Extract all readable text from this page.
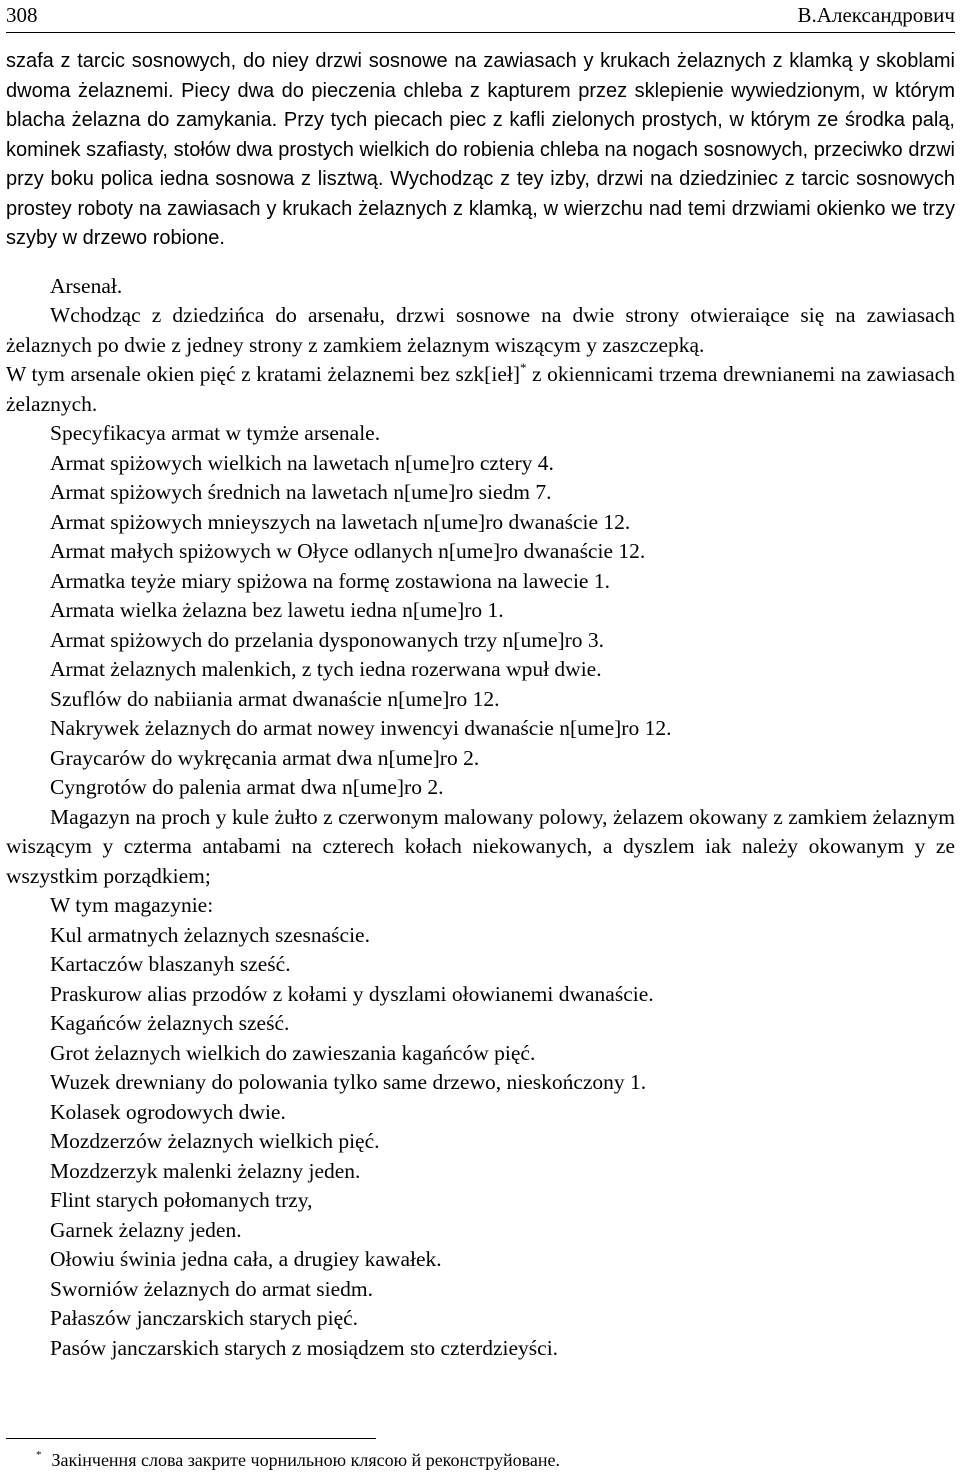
308	В.Александрович

szafa z tarcic sosnowych, do niey drzwi sosnowe na zawiasach y krukach żelaznych z klamką y skoblami dwoma żelaznemi. Piecy dwa do pieczenia chleba z kapturem przez sklepienie wywiedzionym, w którym blacha żelazna do zamykania. Przy tych piecach piec z kafli zielonych prostych, w którym ze środka palą, kominek szafiasty, stołów dwa prostych wielkich do robienia chleba na nogach sosnowych, przeciwko drzwi przy boku polica iedna sosnowa z lisztwą. Wychodząc z tey izby, drzwi na dziedziniec z tarcic sosnowych prostey roboty na zawiasach y krukach żelaznych z klamką, w wierzchu nad temi drzwiami okienko we trzy szyby w drzewo robione.

Arsenał.

Wchodząc z dziedzińca do arsenału, drzwi sosnowe na dwie strony otwieraiące się na zawiasach żelaznych po dwie z jedney strony z zamkiem żelaznym wiszącym y zaszczepką.

W tym arsenale okien pięć z kratami żelaznemi bez szk[ieł]* z okiennicami trzema drewnianemi na zawiasach żelaznych.

Specyfikacya armat w tymże arsenale.

Armat spiżowych wielkich na lawetach n[ume]ro cztery 4.

Armat spiżowych średnich na lawetach n[ume]ro siedm 7.

Armat spiżowych mnieyszych na lawetach n[ume]ro dwanaście 12.

Armat małych spiżowych w Ołyce odlanych n[ume]ro dwanaście 12.

Armatka teyże miary spiżowa na formę zostawiona na lawecie 1.

Armata wielka żelazna bez lawetu iedna n[ume]ro 1.

Armat spiżowych do przelania dysponowanych trzy n[ume]ro 3.

Armat żelaznych malenkich, z tych iedna rozerwana wpuł dwie.

Szuflów do nabiiania armat dwanaście n[ume]ro 12.

Nakrywek żelaznych do armat nowey inwencyi dwanaście n[ume]ro 12.

Graycarów do wykręcania armat dwa n[ume]ro 2.

Cyngrotów do palenia armat dwa n[ume]ro 2.

Magazyn na proch y kule żułto z czerwonym malowany polowy, żelazem okowany z zamkiem żelaznym wiszącym y czterma antabami na czterech kołach niekowanych, a dyszlem iak należy okowanym y ze wszystkim porządkiem;

W tym magazynie:

Kul armatnych żelaznych szesnaście.

Kartaczów blaszanyh sześć.

Praskurow alias przodów z kołami y dyszlami ołowianemi dwanaście.

Kagańców żelaznych sześć.

Grot żelaznych wielkich do zawieszania kagańców pięć.

Wuzek drewniany do polowania tylko same drzewo, nieskończony 1.

Kolasek ogrodowych dwie.

Mozdzerzów żelaznych wielkich pięć.

Mozdzerzyk malenki żelazny jeden.

Flint starych połomanych trzy,

Garnek żelazny jeden.

Ołowiu świnia jedna cała, a drugiey kawałek.

Sworniów żelaznych do armat siedm.

Pałaszów janczarskich starych pięć.

Pasów janczarskich starych z mosiądzem sto czterdzieyści.

* Закінчення слова закрите чорнильною клясою й реконструйоване.
